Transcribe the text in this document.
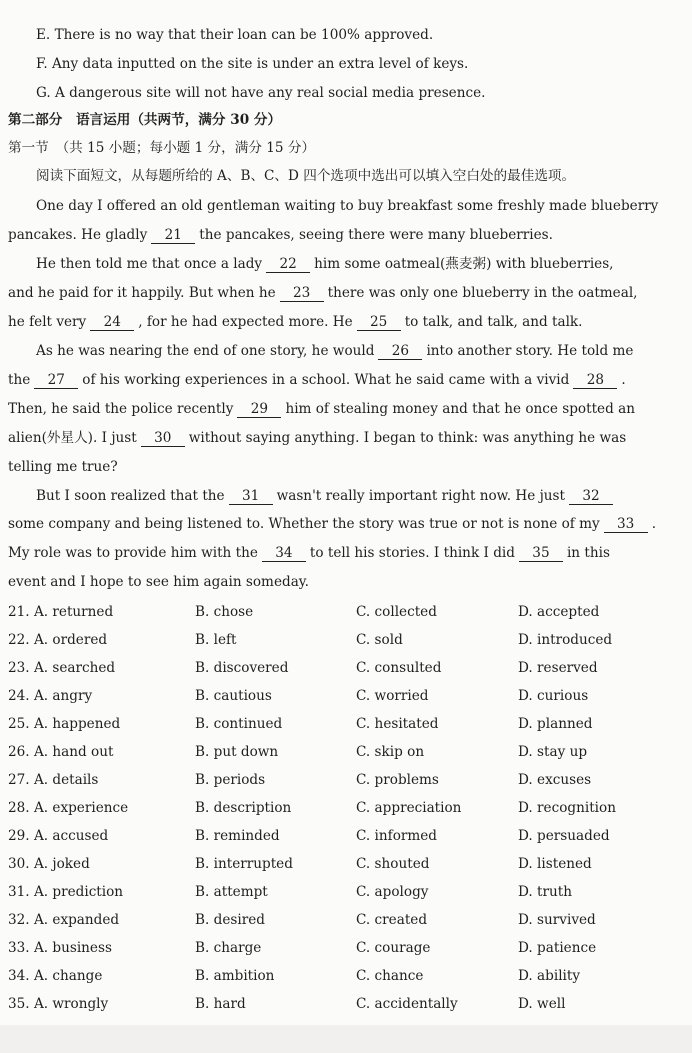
E. There is no way that their loan can be 100% approved.
F. Any data inputted on the site is under an extra level of keys.
G. A dangerous site will not have any real social media presence.
第二部分　语言运用（共两节，满分 30 分）
第一节　（共 15 小题；每小题 1 分，满分 15 分）
阅读下面短文，从每题所给的 A、B、C、D 四个选项中选出可以填入空白处的最佳选项。
One day I offered an old gentleman waiting to buy breakfast some freshly made blueberry
pancakes. He gladly 21 the pancakes, seeing there were many blueberries.
He then told me that once a lady 22 him some oatmeal(燕麦粥) with blueberries,
and he paid for it happily. But when he 23 there was only one blueberry in the oatmeal,
he felt very 24 , for he had expected more. He 25 to talk, and talk, and talk.
As he was nearing the end of one story, he would 26 into another story. He told me
the 27 of his working experiences in a school. What he said came with a vivid 28 .
Then, he said the police recently 29 him of stealing money and that he once spotted an
alien(外星人). I just 30 without saying anything. I began to think: was anything he was
telling me true?
But I soon realized that the 31 wasn't really important right now. He just 32
some company and being listened to. Whether the story was true or not is none of my 33 .
My role was to provide him with the 34 to tell his stories. I think I did 35 in this
event and I hope to see him again someday.
21. A. returned	B. chose	C. collected	D. accepted
22. A. ordered	B. left	C. sold	D. introduced
23. A. searched	B. discovered	C. consulted	D. reserved
24. A. angry	B. cautious	C. worried	D. curious
25. A. happened	B. continued	C. hesitated	D. planned
26. A. hand out	B. put down	C. skip on	D. stay up
27. A. details	B. periods	C. problems	D. excuses
28. A. experience	B. description	C. appreciation	D. recognition
29. A. accused	B. reminded	C. informed	D. persuaded
30. A. joked	B. interrupted	C. shouted	D. listened
31. A. prediction	B. attempt	C. apology	D. truth
32. A. expanded	B. desired	C. created	D. survived
33. A. business	B. charge	C. courage	D. patience
34. A. change	B. ambition	C. chance	D. ability
35. A. wrongly	B. hard	C. accidentally	D. well
